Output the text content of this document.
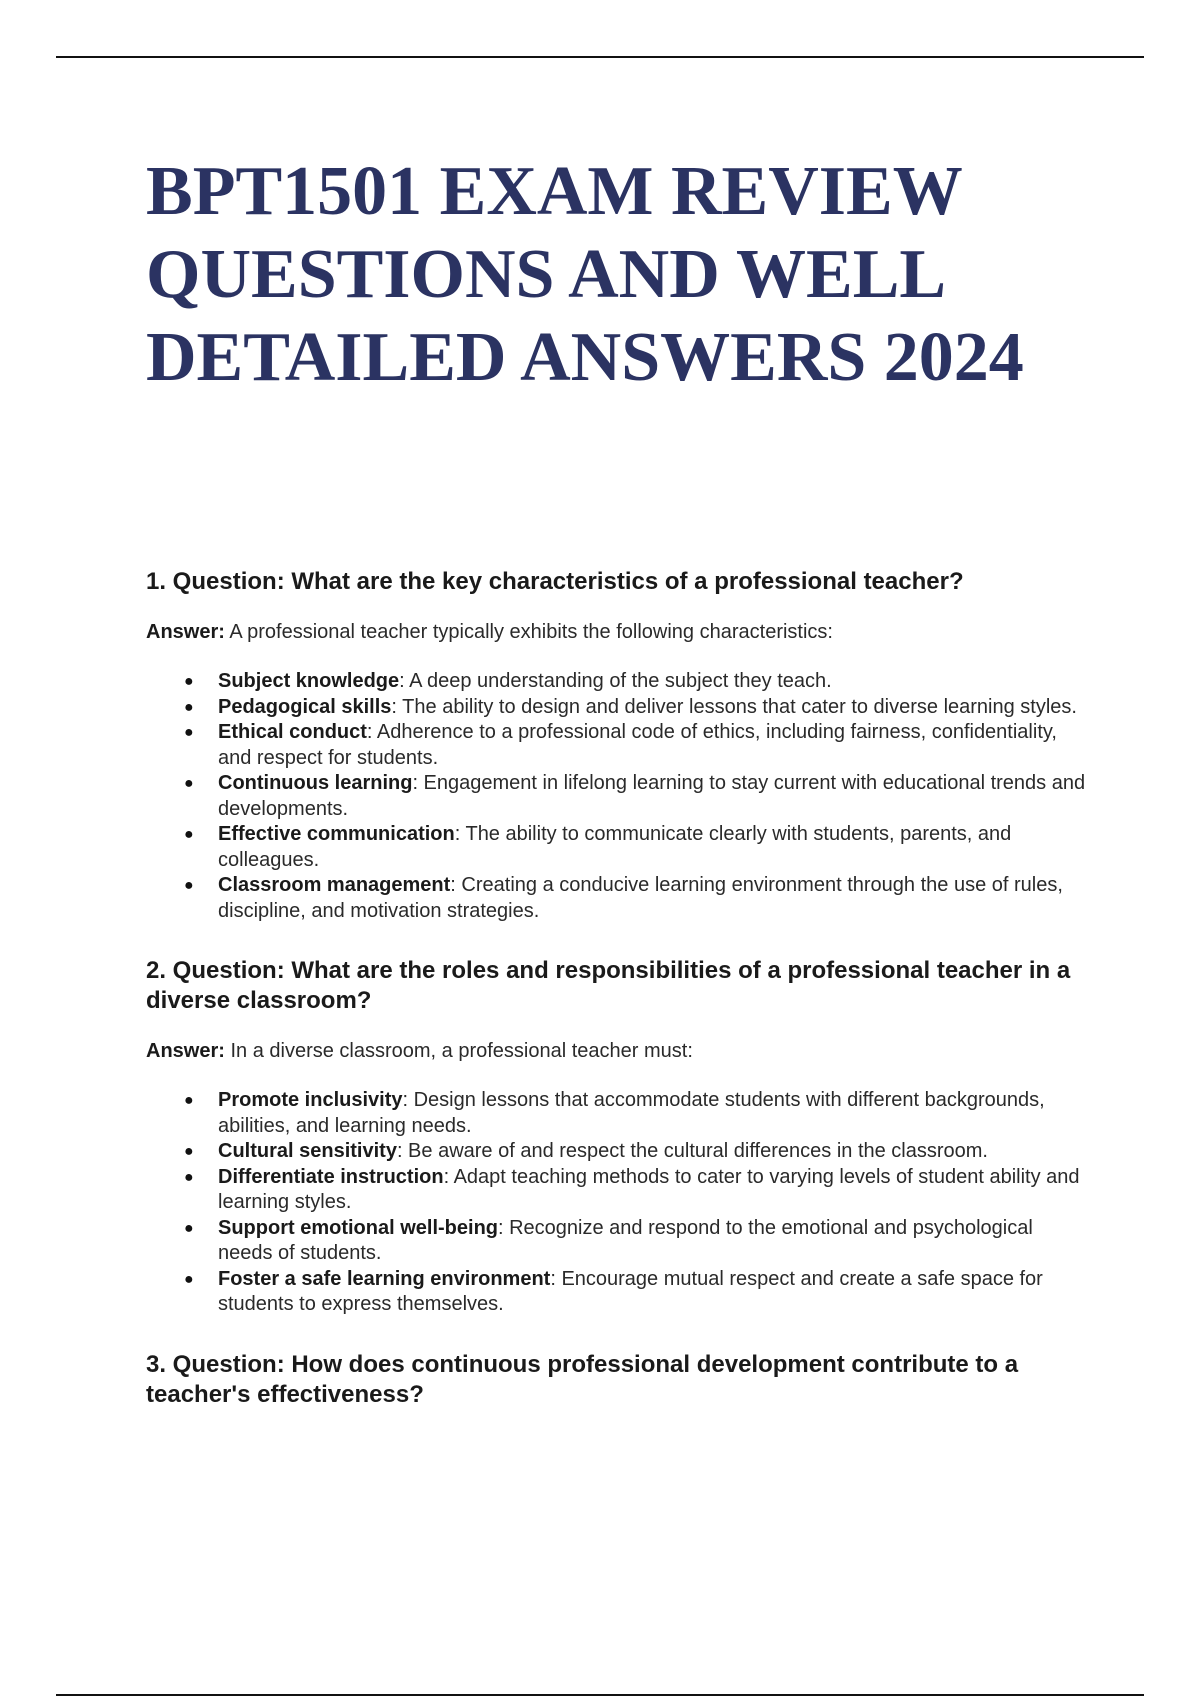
BPT1501 EXAM REVIEW QUESTIONS AND WELL DETAILED ANSWERS 2024
1. Question: What are the key characteristics of a professional teacher?

Answer: A professional teacher typically exhibits the following characteristics:

● Subject knowledge: A deep understanding of the subject they teach.
● Pedagogical skills: The ability to design and deliver lessons that cater to diverse learning styles.
● Ethical conduct: Adherence to a professional code of ethics, including fairness, confidentiality, and respect for students.
● Continuous learning: Engagement in lifelong learning to stay current with educational trends and developments.
● Effective communication: The ability to communicate clearly with students, parents, and colleagues.
● Classroom management: Creating a conducive learning environment through the use of rules, discipline, and motivation strategies.
2. Question: What are the roles and responsibilities of a professional teacher in a diverse classroom?

Answer: In a diverse classroom, a professional teacher must:

● Promote inclusivity: Design lessons that accommodate students with different backgrounds, abilities, and learning needs.
● Cultural sensitivity: Be aware of and respect the cultural differences in the classroom.
● Differentiate instruction: Adapt teaching methods to cater to varying levels of student ability and learning styles.
● Support emotional well-being: Recognize and respond to the emotional and psychological needs of students.
● Foster a safe learning environment: Encourage mutual respect and create a safe space for students to express themselves.
3. Question: How does continuous professional development contribute to a teacher's effectiveness?
